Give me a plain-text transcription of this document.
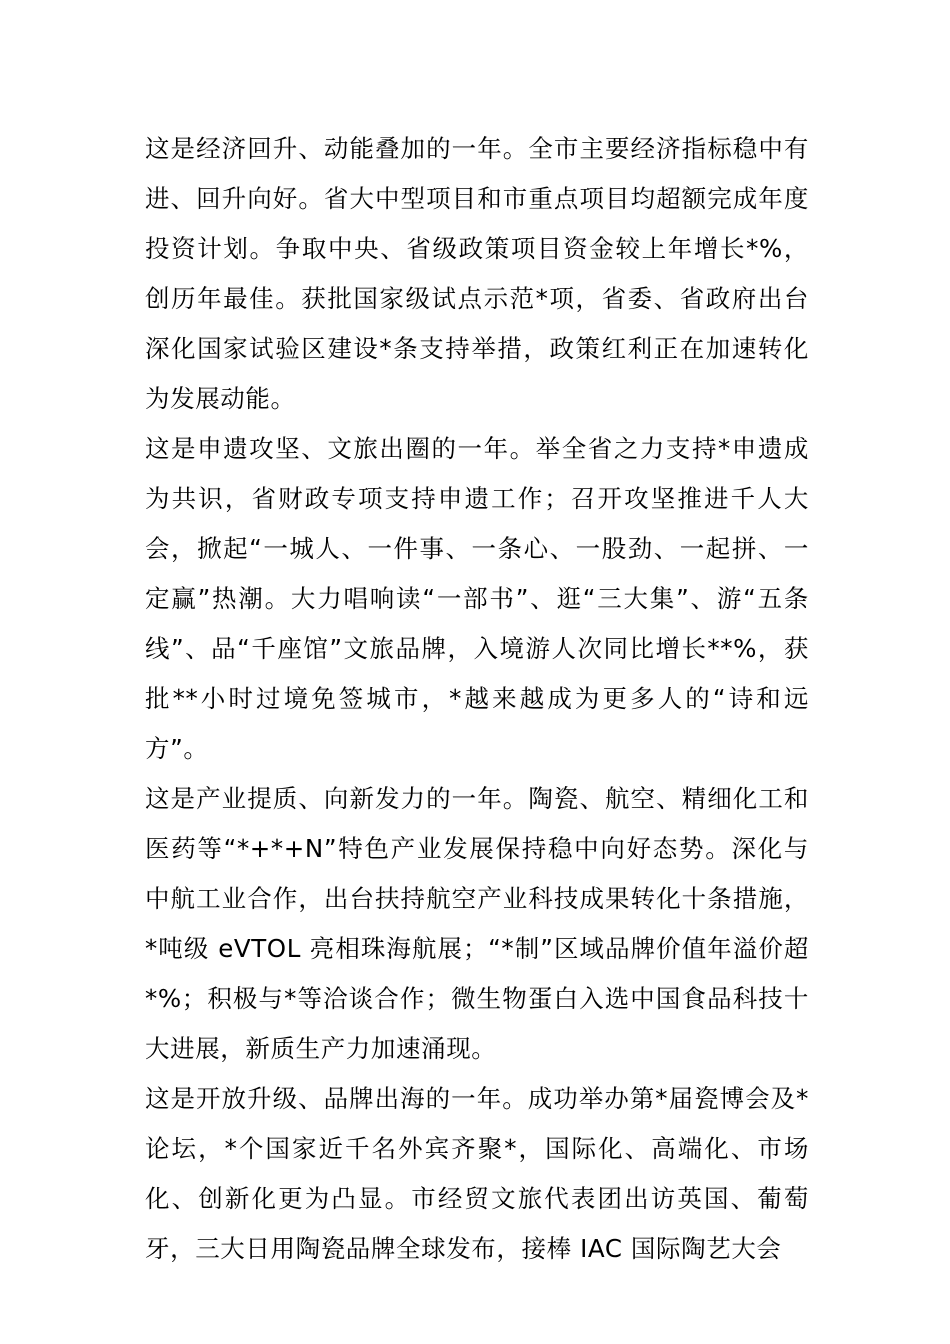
这是经济回升、动能叠加的一年。全市主要经济指标稳中有进、回升向好。省大中型项目和市重点项目均超额完成年度投资计划。争取中央、省级政策项目资金较上年增长*%，创历年最佳。获批国家级试点示范*项，省委、省政府出台深化国家试验区建设*条支持举措，政策红利正在加速转化为发展动能。

这是申遗攻坚、文旅出圈的一年。举全省之力支持*申遗成为共识，省财政专项支持申遗工作；召开攻坚推进千人大会，掀起“一城人、一件事、一条心、一股劲、一起拼、一定赢”热潮。大力唱响读“一部书”、逛“三大集”、游“五条线”、品“千座馆”文旅品牌，入境游人次同比增长**%，获批**小时过境免签城市，*越来越成为更多人的“诗和远方”。

这是产业提质、向新发力的一年。陶瓷、航空、精细化工和医药等“*+*+N”特色产业发展保持稳中向好态势。深化与中航工业合作，出台扶持航空产业科技成果转化十条措施，*吨级 eVTOL 亮相珠海航展；“*制”区域品牌价值年溢价超*%；积极与*等洽谈合作；微生物蛋白入选中国食品科技十大进展，新质生产力加速涌现。

这是开放升级、品牌出海的一年。成功举办第*届瓷博会及*论坛，*个国家近千名外宾齐聚*，国际化、高端化、市场化、创新化更为凸显。市经贸文旅代表团出访英国、葡萄牙，三大日用陶瓷品牌全球发布，接棒 IAC 国际陶艺大会
